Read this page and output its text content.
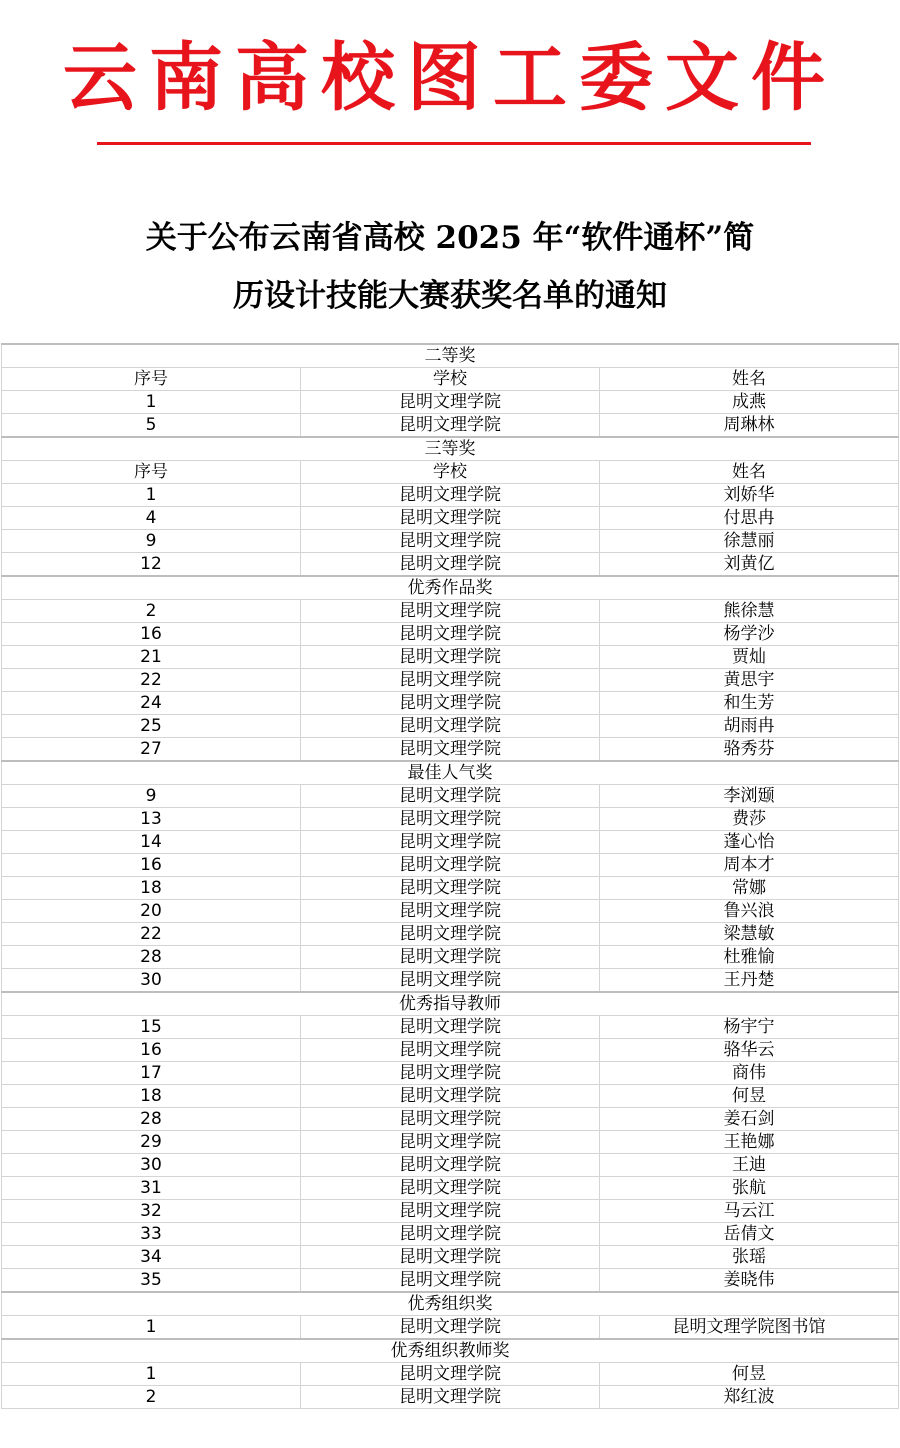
云南高校图工委文件
关于公布云南省高校 2025 年“软件通杯”简
历设计技能大赛获奖名单的通知
二等奖		
序号	学校	姓名
1	昆明文理学院	成燕
5	昆明文理学院	周琳林
三等奖		
序号	学校	姓名
1	昆明文理学院	刘娇华
4	昆明文理学院	付思冉
9	昆明文理学院	徐慧丽
12	昆明文理学院	刘黄亿
优秀作品奖		
2	昆明文理学院	熊徐慧
16	昆明文理学院	杨学沙
21	昆明文理学院	贾灿
22	昆明文理学院	黄思宇
24	昆明文理学院	和生芳
25	昆明文理学院	胡雨冉
27	昆明文理学院	骆秀芬
最佳人气奖		
9	昆明文理学院	李浏颋
13	昆明文理学院	费莎
14	昆明文理学院	蓬心怡
16	昆明文理学院	周本才
18	昆明文理学院	常娜
20	昆明文理学院	鲁兴浪
22	昆明文理学院	梁慧敏
28	昆明文理学院	杜雅愉
30	昆明文理学院	王丹楚
优秀指导教师		
15	昆明文理学院	杨宇宁
16	昆明文理学院	骆华云
17	昆明文理学院	商伟
18	昆明文理学院	何昱
28	昆明文理学院	姜石剑
29	昆明文理学院	王艳娜
30	昆明文理学院	王迪
31	昆明文理学院	张航
32	昆明文理学院	马云江
33	昆明文理学院	岳倩文
34	昆明文理学院	张瑶
35	昆明文理学院	姜晓伟
优秀组织奖		
1	昆明文理学院	昆明文理学院图书馆
优秀组织教师奖		
1	昆明文理学院	何昱
2	昆明文理学院	郑红波
